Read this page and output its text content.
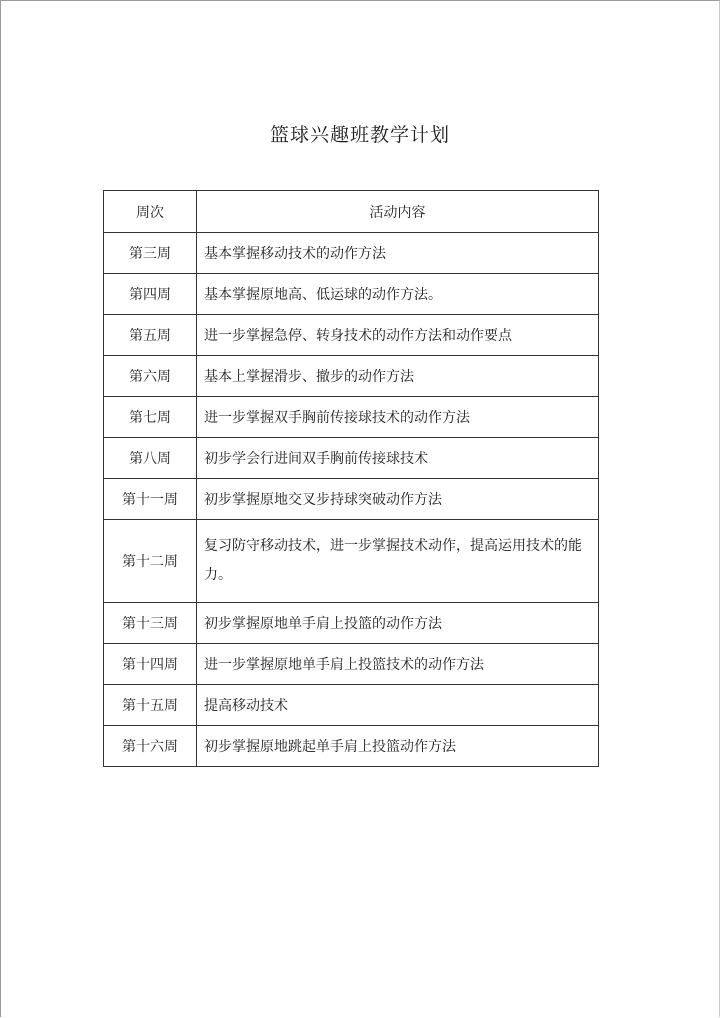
篮球兴趣班教学计划
周次	活动内容
第三周	基本掌握移动技术的动作方法
第四周	基本掌握原地高、低运球的动作方法。
第五周	进一步掌握急停、转身技术的动作方法和动作要点
第六周	基本上掌握滑步、撤步的动作方法
第七周	进一步掌握双手胸前传接球技术的动作方法
第八周	初步学会行进间双手胸前传接球技术
第十一周	初步掌握原地交叉步持球突破动作方法
第十二周	复习防守移动技术，进一步掌握技术动作，提高运用技术的能力。
第十三周	初步掌握原地单手肩上投篮的动作方法
第十四周	进一步掌握原地单手肩上投篮技术的动作方法
第十五周	提高移动技术
第十六周	初步掌握原地跳起单手肩上投篮动作方法
